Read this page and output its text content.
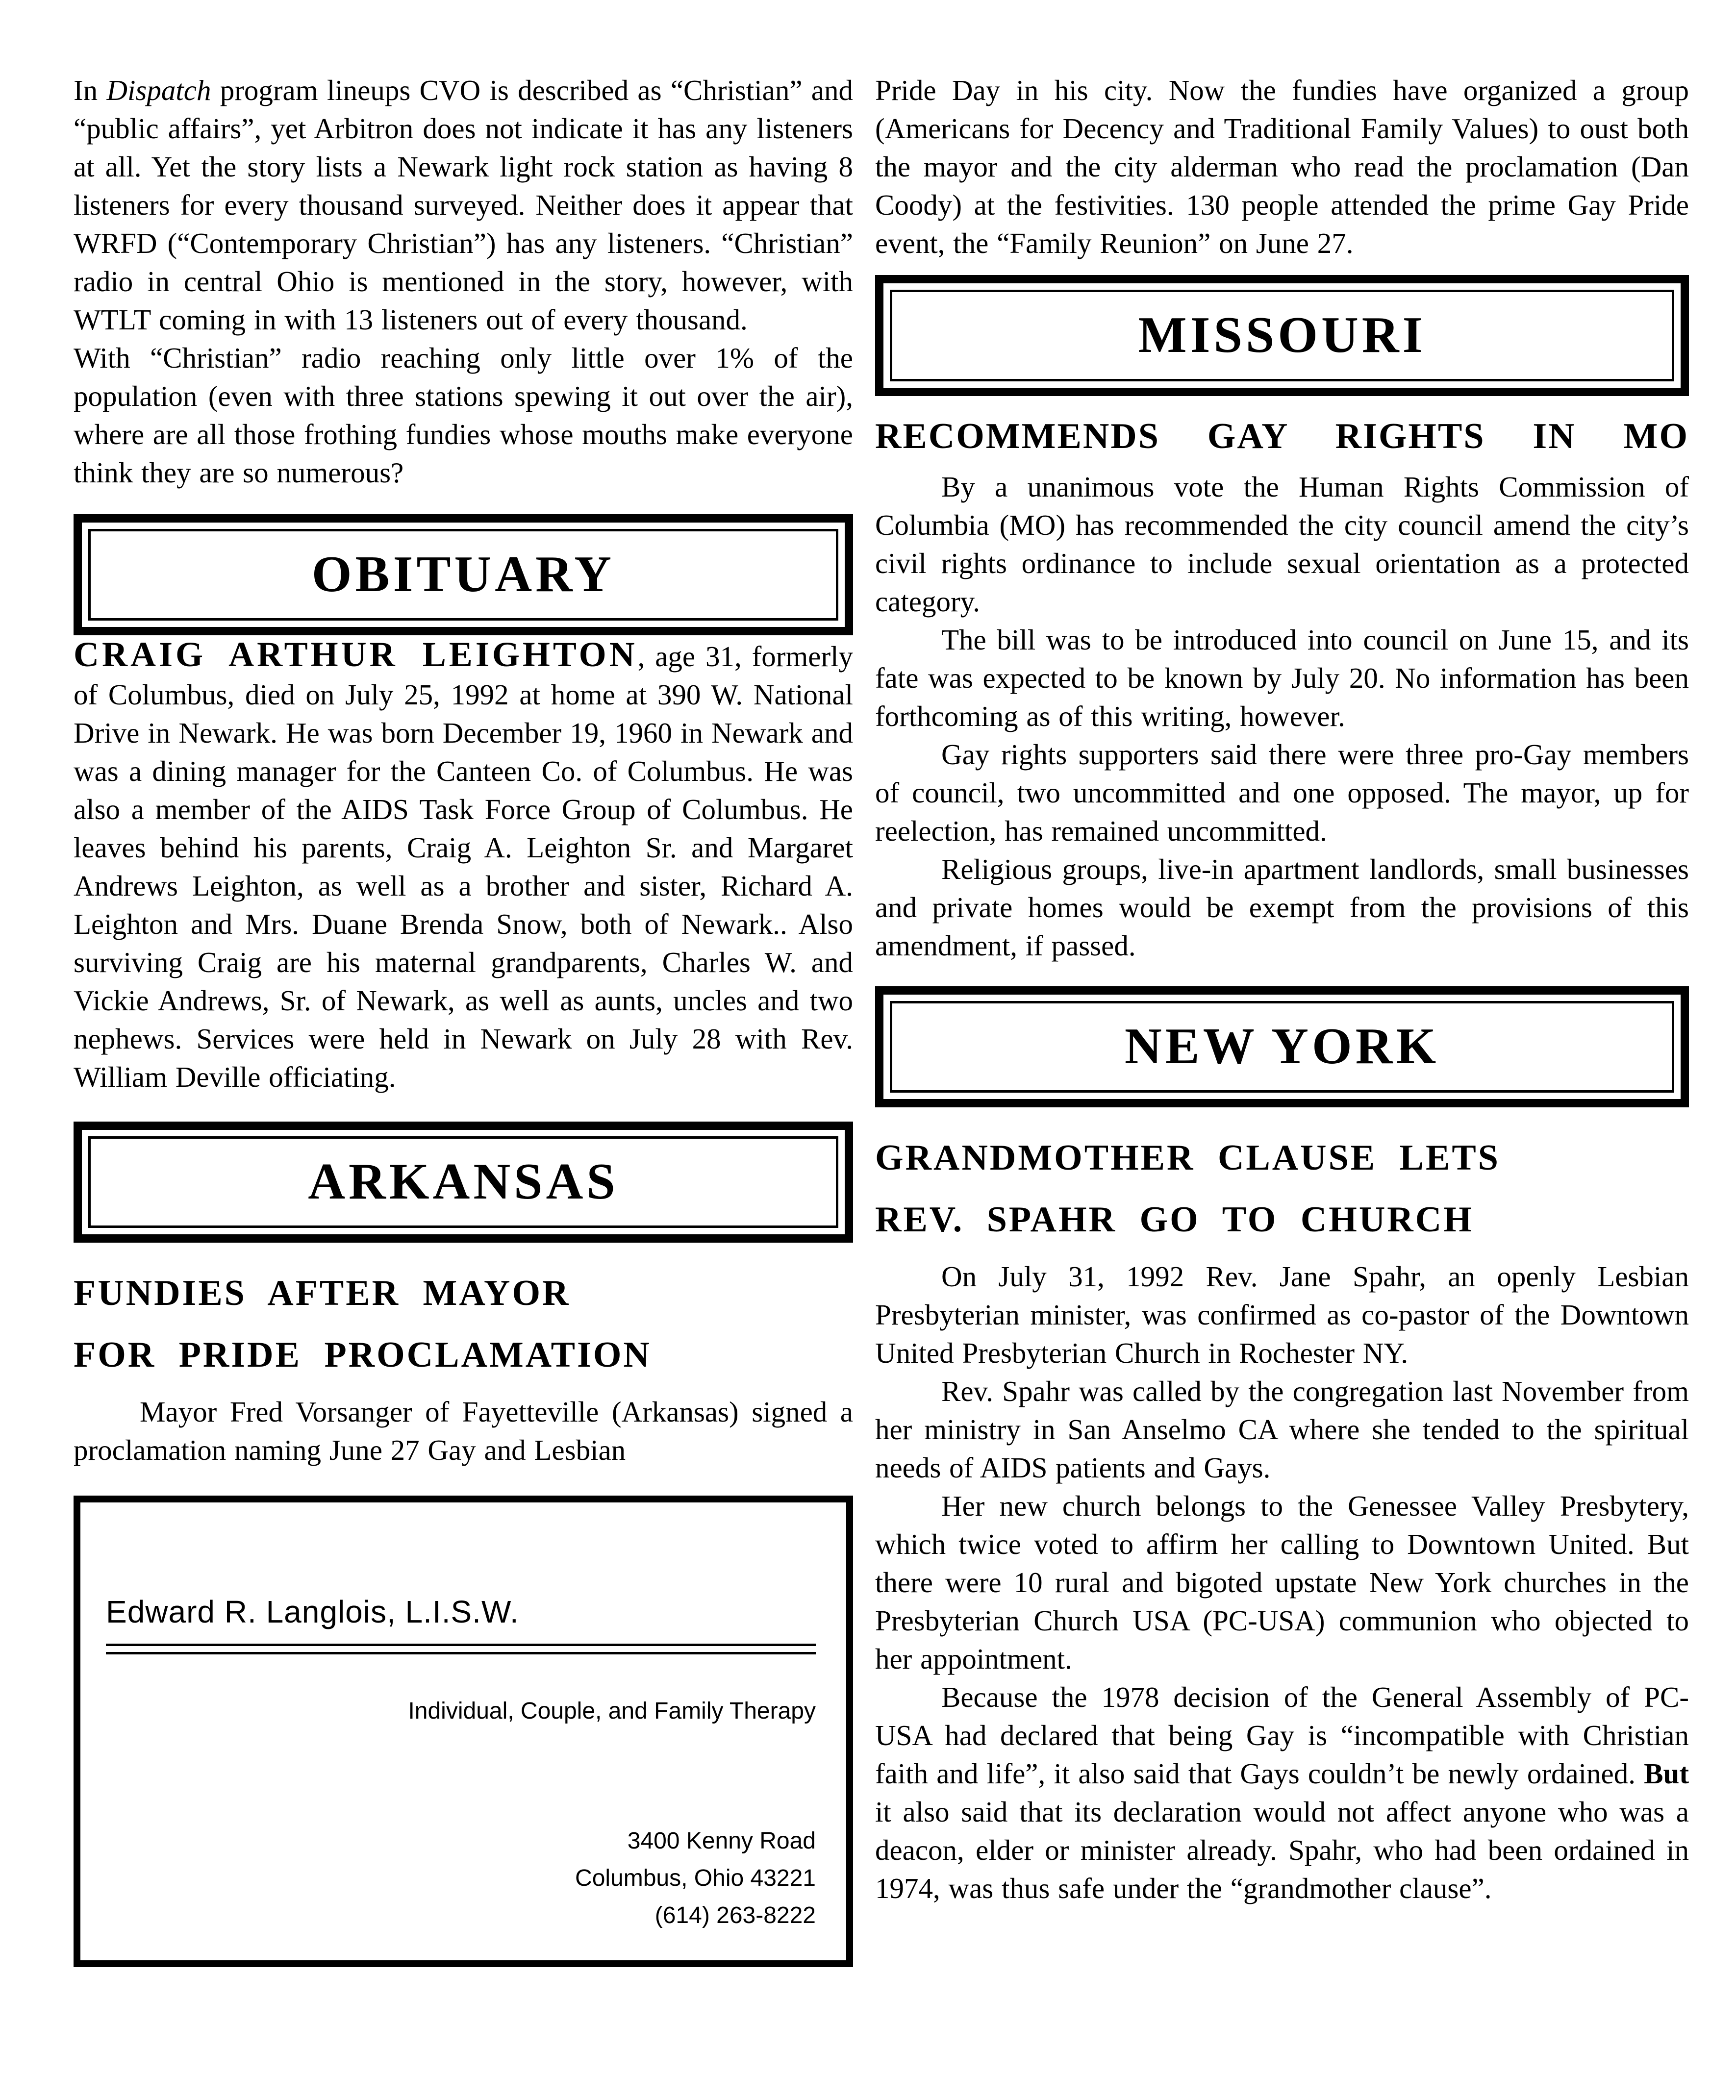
In Dispatch program lineups CVO is described as “Christian” and “public affairs”, yet Arbitron does not indicate it has any listeners at all. Yet the story lists a Newark light rock station as having 8 listeners for every thousand surveyed. Neither does it appear that WRFD (“Contemporary Christian”) has any listeners. “Christian” radio in central Ohio is mentioned in the story, however, with WTLT coming in with 13 listeners out of every thousand.

With “Christian” radio reaching only little over 1% of the population (even with three stations spewing it out over the air), where are all those frothing fundies whose mouths make everyone think they are so numerous?

OBITUARY

CRAIG ARTHUR LEIGHTON, age 31, formerly of Columbus, died on July 25, 1992 at home at 390 W. National Drive in Newark. He was born December 19, 1960 in Newark and was a dining manager for the Canteen Co. of Columbus. He was also a member of the AIDS Task Force Group of Columbus. He leaves behind his parents, Craig A. Leighton Sr. and Margaret Andrews Leighton, as well as a brother and sister, Richard A. Leighton and Mrs. Duane Brenda Snow, both of Newark.. Also surviving Craig are his maternal grandparents, Charles W. and Vickie Andrews, Sr. of Newark, as well as aunts, uncles and two nephews. Services were held in Newark on July 28 with Rev. William Deville officiating.

ARKANSAS
FUNDIES AFTER MAYOR
FOR PRIDE PROCLAMATION

Mayor Fred Vorsanger of Fayetteville (Arkansas) signed a proclamation naming June 27 Gay and Lesbian

Edward R. Langlois, L.I.S.W.
Individual, Couple, and Family Therapy
3400 Kenny Road
Columbus, Ohio 43221
(614) 263-8222

Pride Day in his city. Now the fundies have organized a group (Americans for Decency and Traditional Family Values) to oust both the mayor and the city alderman who read the proclamation (Dan Coody) at the festivities. 130 people attended the prime Gay Pride event, the “Family Reunion” on June 27.

MISSOURI
RECOMMENDS GAY RIGHTS IN MO

By a unanimous vote the Human Rights Commission of Columbia (MO) has recommended the city council amend the city’s civil rights ordinance to include sexual orientation as a protected category.

The bill was to be introduced into council on June 15, and its fate was expected to be known by July 20. No information has been forthcoming as of this writing, however.

Gay rights supporters said there were three pro-Gay members of council, two uncommitted and one opposed. The mayor, up for reelection, has remained uncommitted.

Religious groups, live-in apartment landlords, small businesses and private homes would be exempt from the provisions of this amendment, if passed.

NEW YORK
GRANDMOTHER CLAUSE LETS
REV. SPAHR GO TO CHURCH

On July 31, 1992 Rev. Jane Spahr, an openly Lesbian Presbyterian minister, was confirmed as co-pastor of the Downtown United Presbyterian Church in Rochester NY.

Rev. Spahr was called by the congregation last November from her ministry in San Anselmo CA where she tended to the spiritual needs of AIDS patients and Gays.

Her new church belongs to the Genessee Valley Presbytery, which twice voted to affirm her calling to Downtown United. But there were 10 rural and bigoted upstate New York churches in the Presbyterian Church USA (PC-USA) communion who objected to her appointment.

Because the 1978 decision of the General Assembly of PC-USA had declared that being Gay is “incompatible with Christian faith and life”, it also said that Gays couldn’t be newly ordained. But it also said that its declaration would not affect anyone who was a deacon, elder or minister already. Spahr, who had been ordained in 1974, was thus safe under the “grandmother clause”.
